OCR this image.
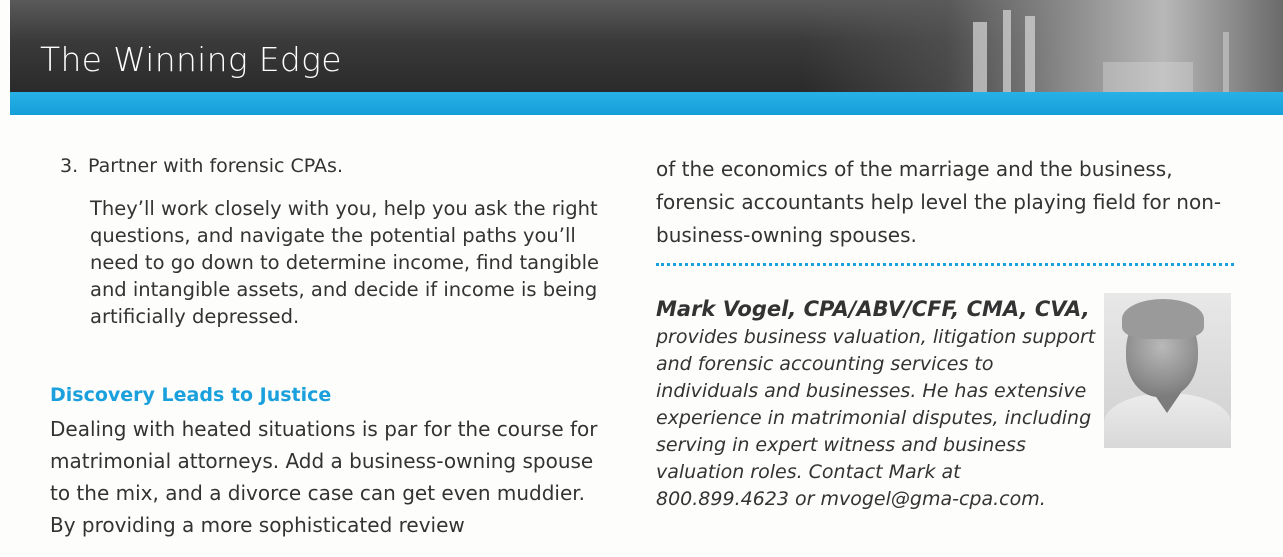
The Winning Edge
3. Partner with forensic CPAs.
They’ll work closely with you, help you ask the right questions, and navigate the potential paths you’ll need to go down to determine income, find tangible and intangible assets, and decide if income is being artificially depressed.
Discovery Leads to Justice
Dealing with heated situations is par for the course for matrimonial attorneys. Add a business-owning spouse to the mix, and a divorce case can get even muddier. By providing a more sophisticated review
of the economics of the marriage and the business, forensic accountants help level the playing field for non-business-owning spouses.
Mark Vogel, CPA/ABV/CFF, CMA, CVA, provides business valuation, litigation support and forensic accounting services to individuals and businesses. He has extensive experience in matrimonial disputes, including serving in expert witness and business valuation roles. Contact Mark at 800.899.4623 or mvogel@gma-cpa.com.
